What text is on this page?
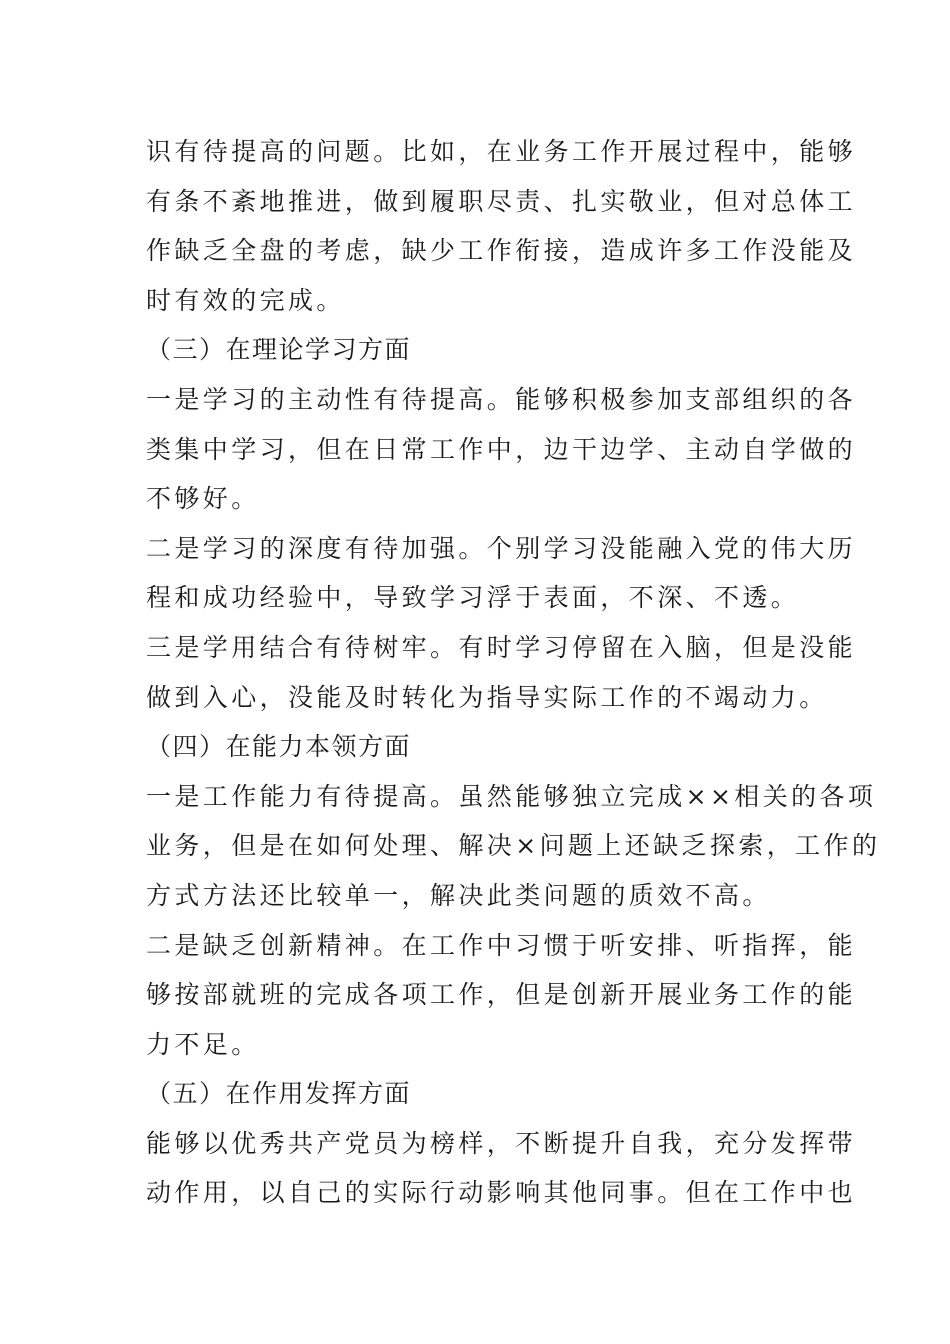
识有待提高的问题。比如，在业务工作开展过程中，能够
有条不紊地推进，做到履职尽责、扎实敬业，但对总体工
作缺乏全盘的考虑，缺少工作衔接，造成许多工作没能及
时有效的完成。
（三）在理论学习方面
一是学习的主动性有待提高。能够积极参加支部组织的各
类集中学习，但在日常工作中，边干边学、主动自学做的
不够好。
二是学习的深度有待加强。个别学习没能融入党的伟大历
程和成功经验中，导致学习浮于表面，不深、不透。
三是学用结合有待树牢。有时学习停留在入脑，但是没能
做到入心，没能及时转化为指导实际工作的不竭动力。
（四）在能力本领方面
一是工作能力有待提高。虽然能够独立完成××相关的各项
业务，但是在如何处理、解决×问题上还缺乏探索，工作的
方式方法还比较单一，解决此类问题的质效不高。
二是缺乏创新精神。在工作中习惯于听安排、听指挥，能
够按部就班的完成各项工作，但是创新开展业务工作的能
力不足。
（五）在作用发挥方面
能够以优秀共产党员为榜样，不断提升自我，充分发挥带
动作用，以自己的实际行动影响其他同事。但在工作中也
